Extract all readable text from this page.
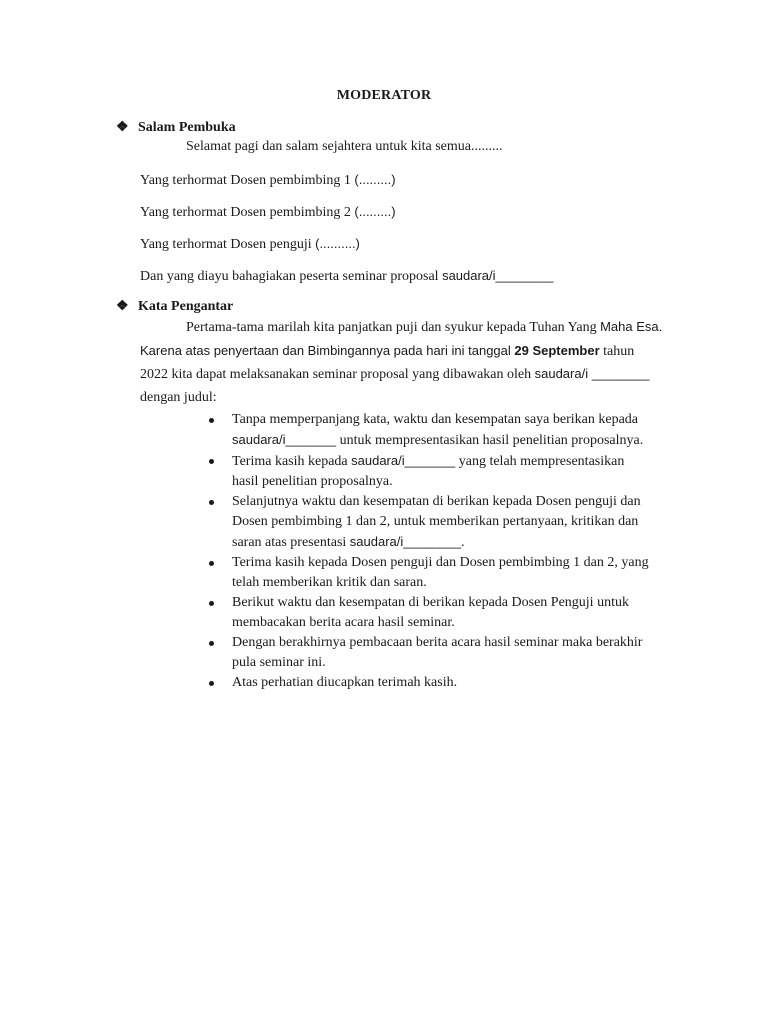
MODERATOR
❖ Salam Pembuka
Selamat pagi dan salam sejahtera untuk kita semua.........
Yang terhormat Dosen pembimbing 1 (.........)
Yang terhormat Dosen pembimbing 2 (.........)
Yang terhormat Dosen penguji (..........)
Dan yang diayu bahagiakan peserta seminar proposal saudara/i________
❖ Kata Pengantar
Pertama-tama marilah kita panjatkan puji dan syukur kepada Tuhan Yang Maha Esa. Karena atas penyertaan dan Bimbingannya pada hari ini tanggal 29 September tahun 2022 kita dapat melaksanakan seminar proposal yang dibawakan oleh saudara/i ________ dengan judul:
Tanpa memperpanjang kata, waktu dan kesempatan saya berikan kepada saudara/i_______ untuk mempresentasikan hasil penelitian proposalnya.
Terima kasih kepada saudara/i_______ yang telah mempresentasikan hasil penelitian proposalnya.
Selanjutnya waktu dan kesempatan di berikan kepada Dosen penguji dan Dosen pembimbing 1 dan 2, untuk memberikan pertanyaan, kritikan dan saran atas presentasi saudara/i________.
Terima kasih kepada Dosen penguji dan Dosen pembimbing 1 dan 2, yang telah memberikan kritik dan saran.
Berikut waktu dan kesempatan di berikan kepada Dosen Penguji untuk membacakan berita acara hasil seminar.
Dengan berakhirnya pembacaan berita acara hasil seminar maka berakhir pula seminar ini.
Atas perhatian diucapkan terimah kasih.
